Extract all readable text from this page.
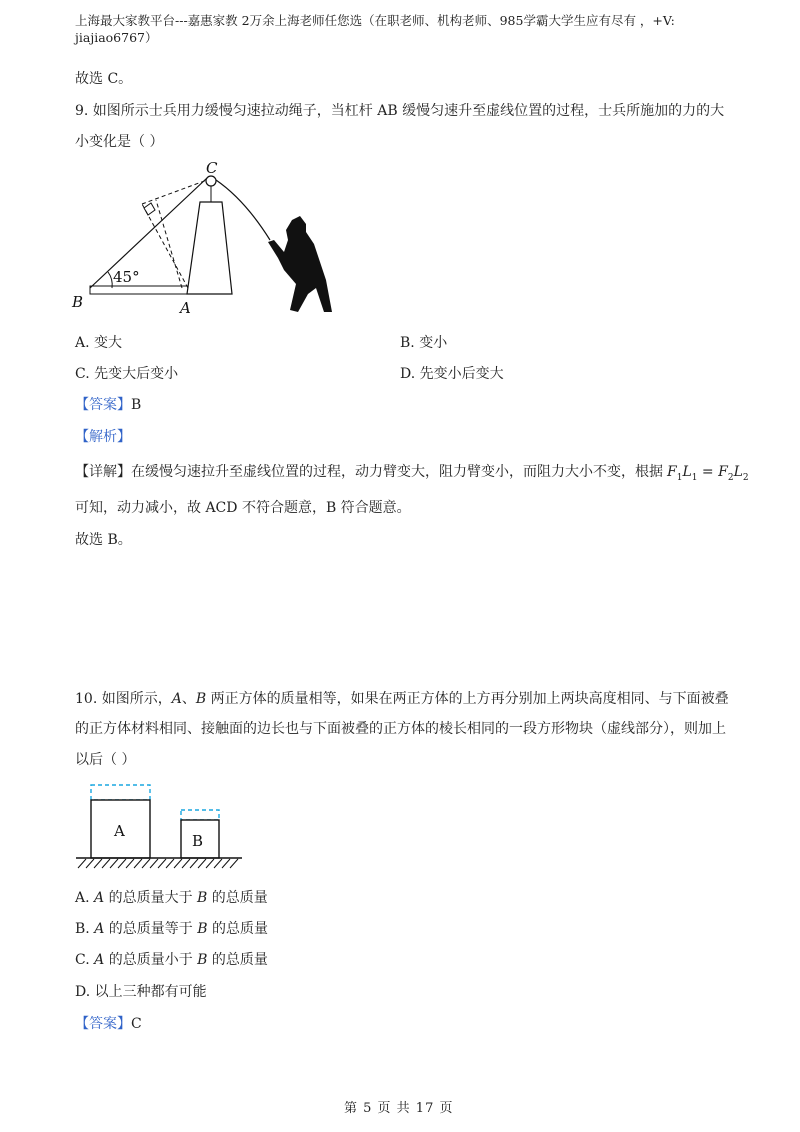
上海最大家教平台---嘉惠家教 2万余上海老师任您选（在职老师、机构老师、985学霸大学生应有尽有 ，+V:
jiajiao6767）
故选 C。
9. 如图所示士兵用力缓慢匀速拉动绳子，当杠杆 AB 缓慢匀速升至虚线位置的过程，士兵所施加的力的大
小变化是（ ）
C
A
B
45°
A. 变大	B. 变小
C. 先变大后变小	D. 先变小后变大
【答案】B
【解析】
【详解】在缓慢匀速拉升至虚线位置的过程，动力臂变大，阻力臂变小，而阻力大小不变，根据 $F_1L_1 = F_2L_2$
可知，动力减小，故 ACD 不符合题意，B 符合题意。
故选 B。
10. 如图所示，A、B 两正方体的质量相等，如果在两正方体的上方再分别加上两块高度相同、与下面被叠
的正方体材料相同、接触面的边长也与下面被叠的正方体的棱长相同的一段方形物块（虚线部分），则加上
以后（ ）
A
B
A. A 的总质量大于 B 的总质量
B. A 的总质量等于 B 的总质量
C. A 的总质量小于 B 的总质量
D. 以上三种都有可能
【答案】C
第 5 页 共 17 页
